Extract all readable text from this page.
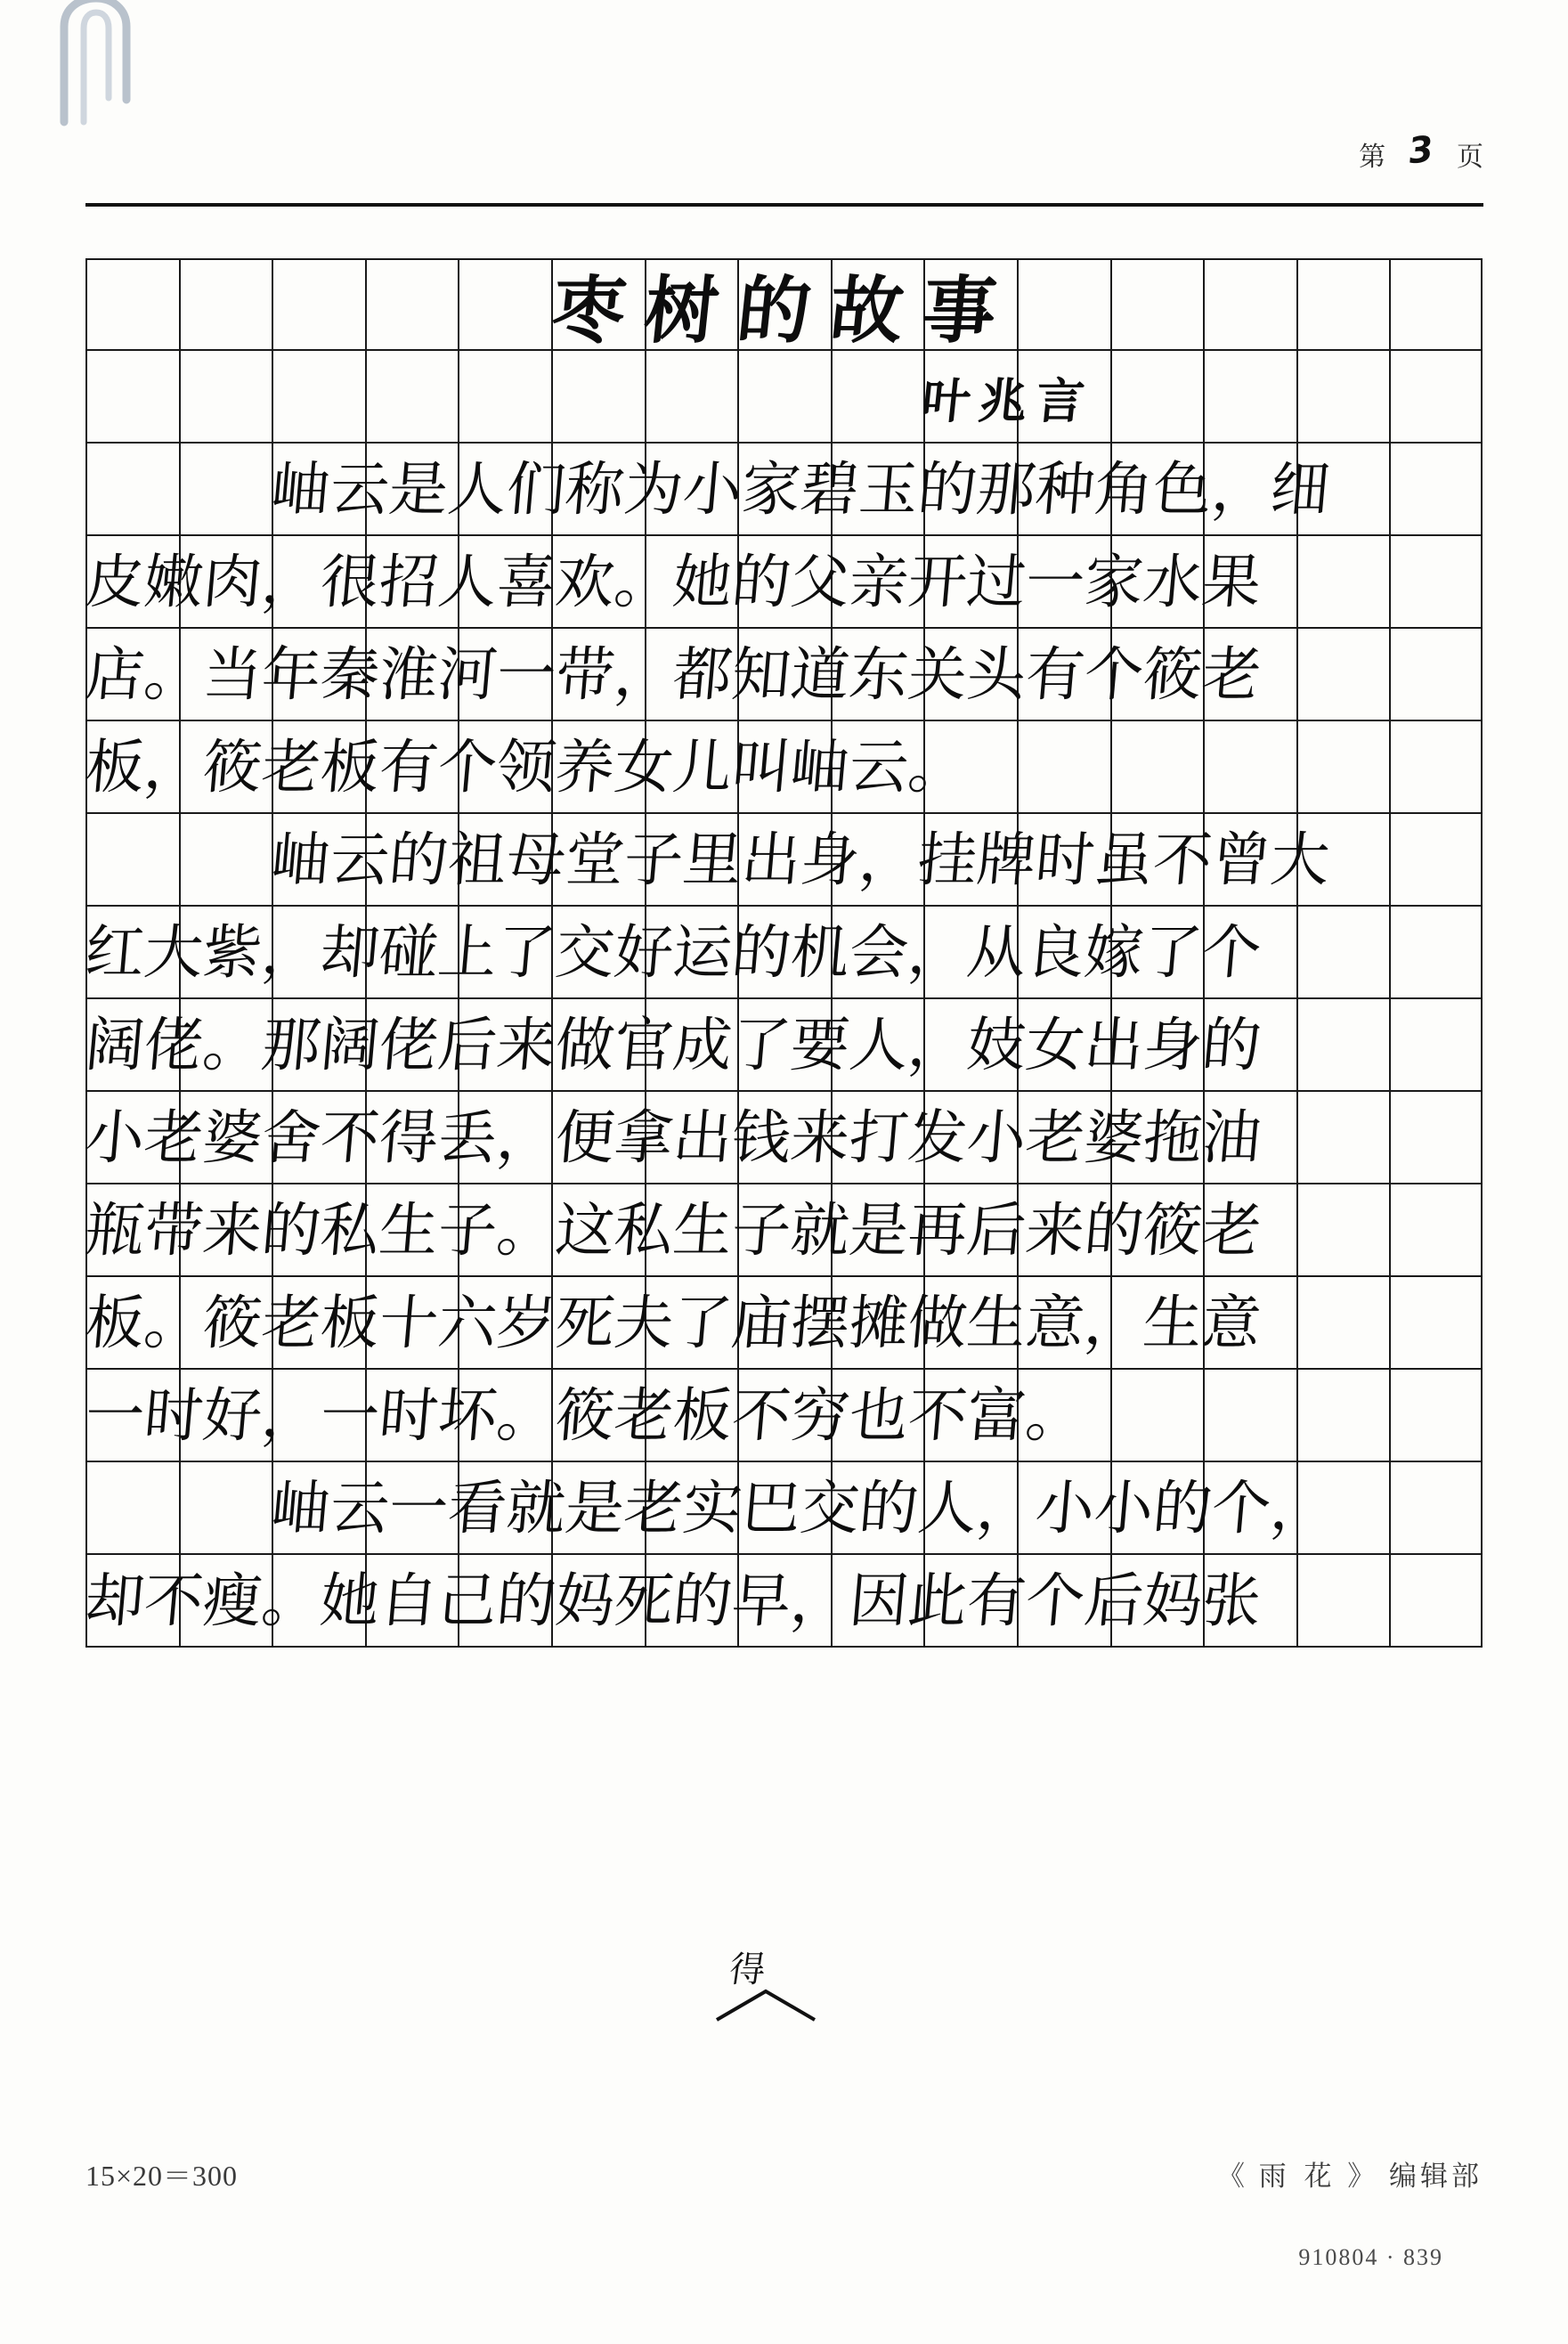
第 3 页
枣树的故事
叶兆言
岫云是人们称为小家碧玉的那种角色，细
皮嫩肉，很招人喜欢。她的父亲开过一家水果
店。当年秦淮河一带，都知道东关头有个筱老
板，筱老板有个领养女儿叫岫云。
岫云的祖母堂子里出身，挂牌时虽不曾大
红大紫，却碰上了交好运的机会，从良嫁了个
阔佬。那阔佬后来做官成了要人，妓女出身的
小老婆舍不得丢，便拿出钱来打发小老婆拖油
瓶带来的私生子。这私生子就是再后来的筱老
板。筱老板十六岁死夫了庙摆摊做生意，生意
一时好，一时坏。筱老板不穷也不富。
岫云一看就是老实巴交的人，小小的个，
却不瘦。她自己的妈死的早，因此有个后妈张
得
15×20＝300	《 雨 花 》 编辑部
910804 · 839
